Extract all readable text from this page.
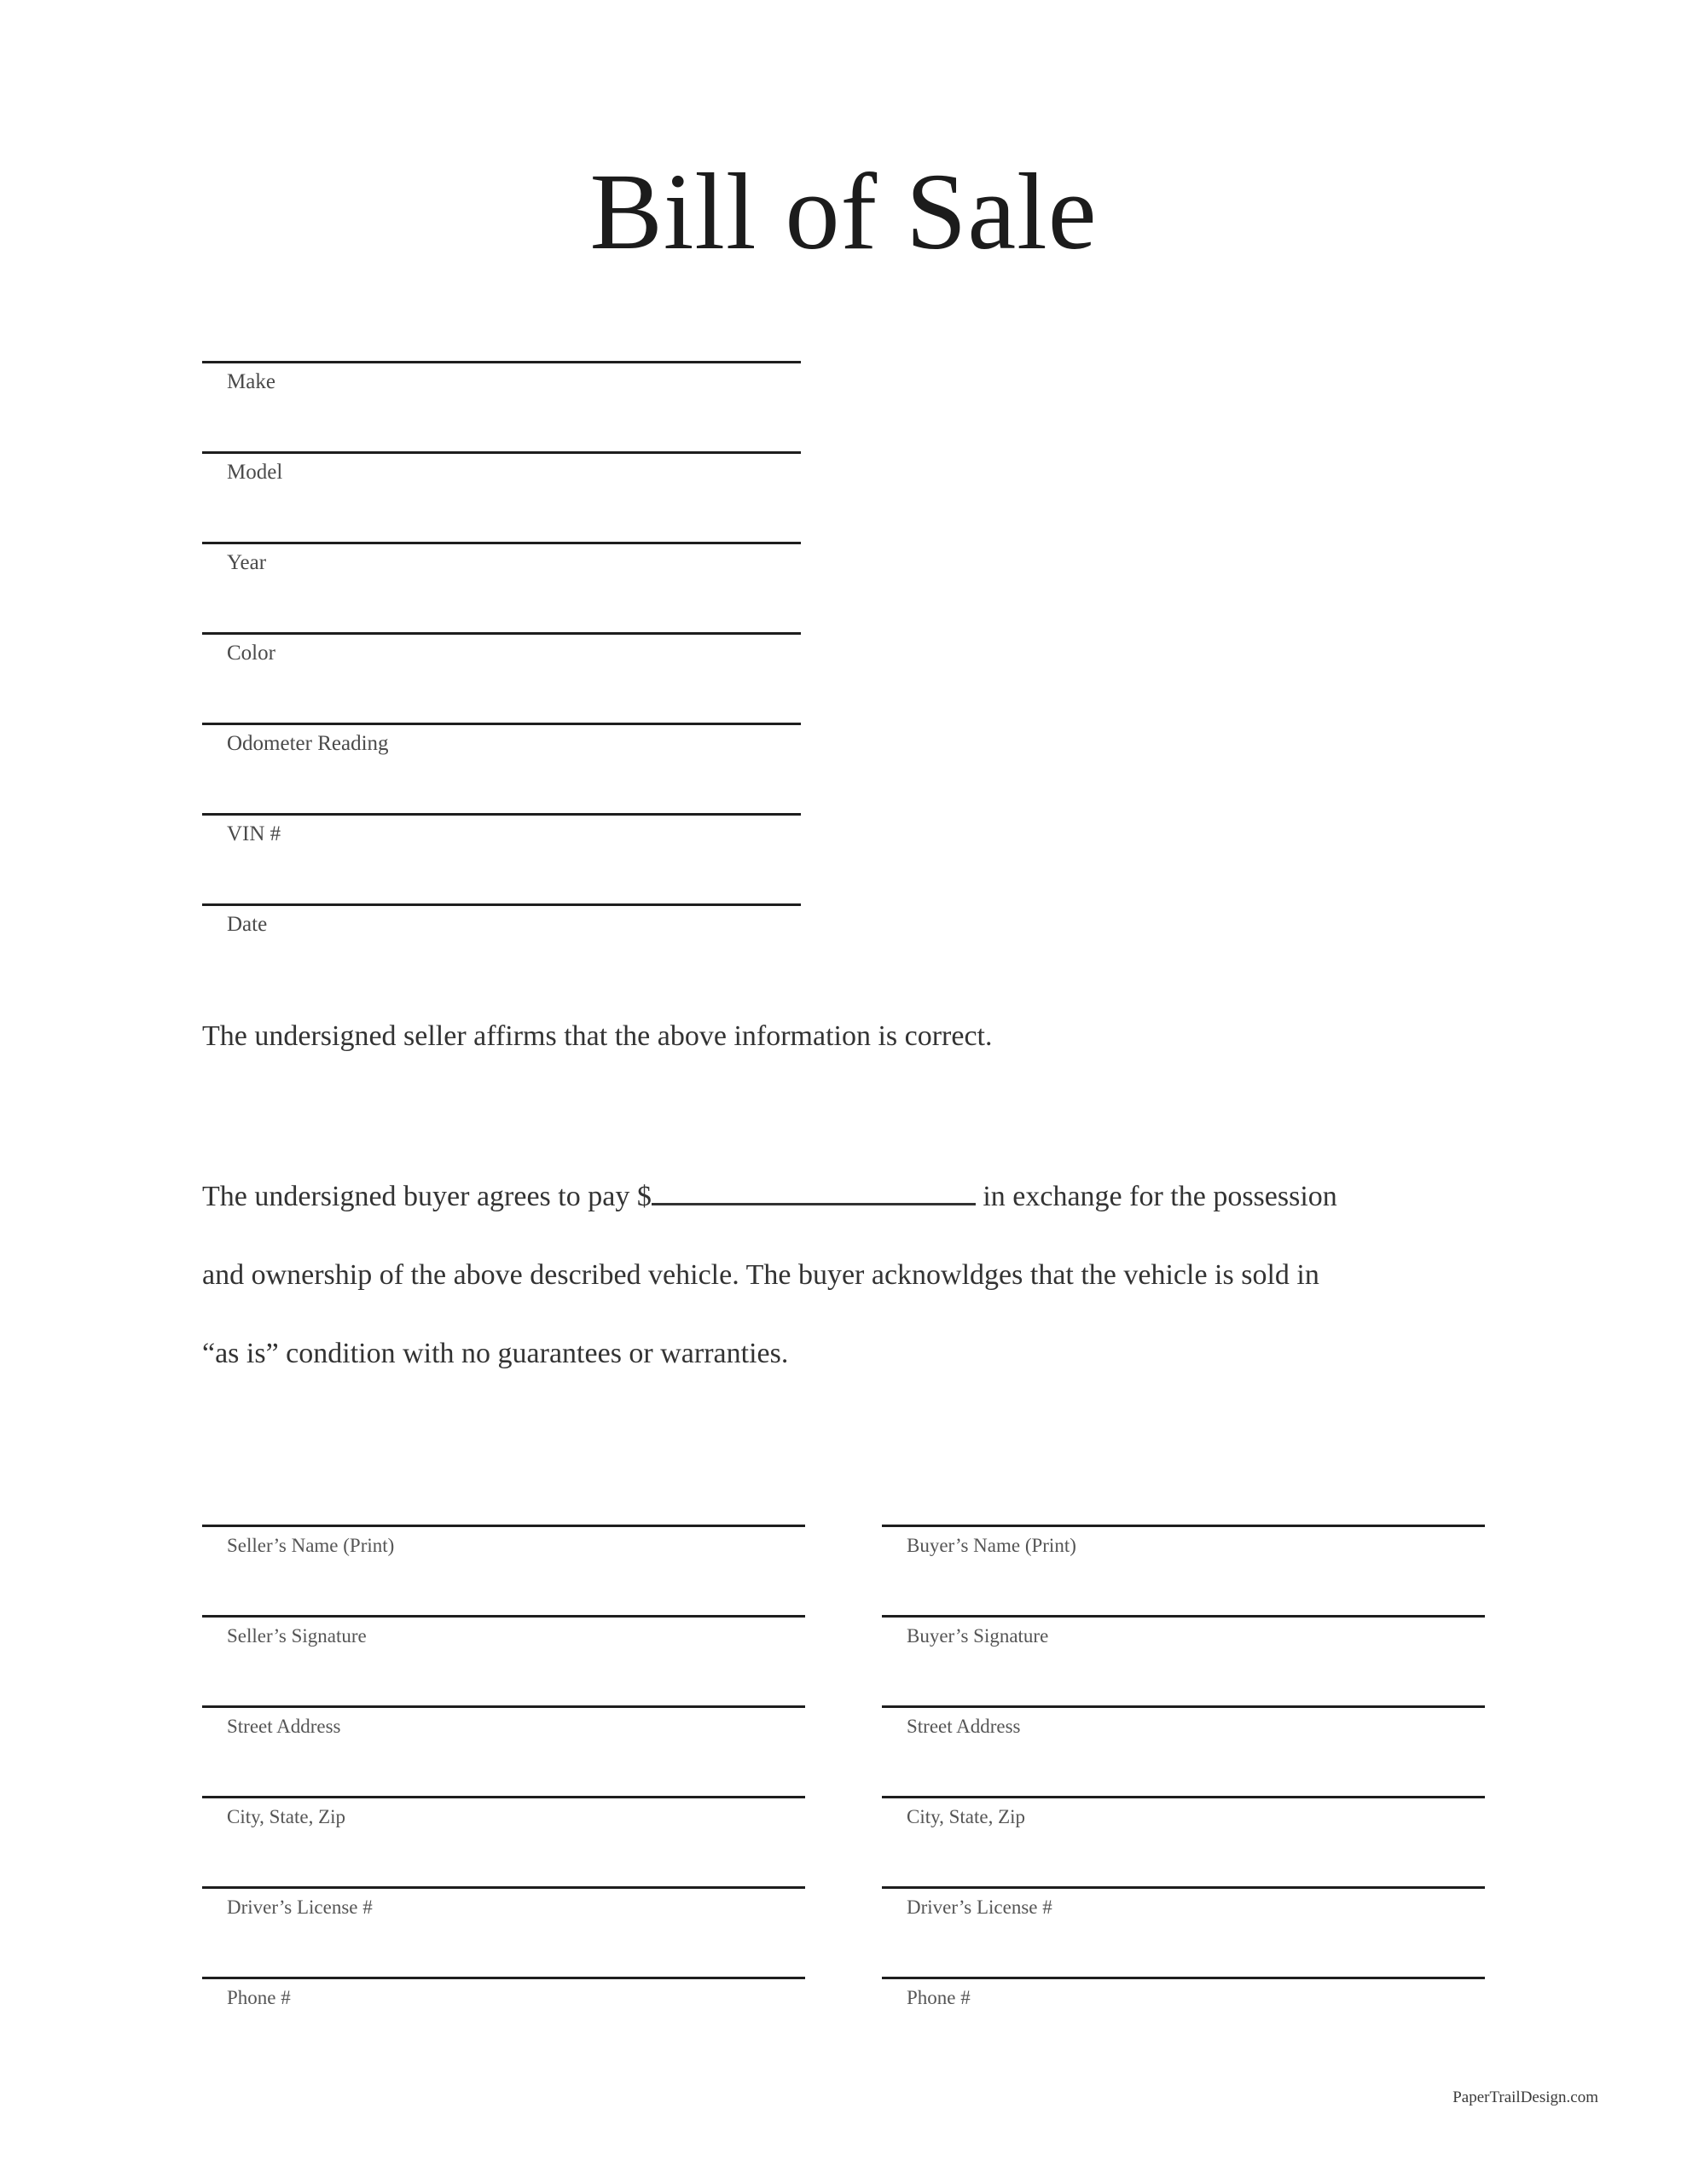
Bill of Sale
Make
Model
Year
Color
Odometer Reading
VIN #
Date

The undersigned seller affirms that the above information is correct.

The undersigned buyer agrees to pay $	in exchange for the possession
and ownership of the above described vehicle. The buyer acknowldges that the vehicle is sold in
“as is” condition with no guarantees or warranties.
Seller’s Name (Print)
Seller’s Signature
Street Address
City, State, Zip
Driver’s License #
Phone #
Buyer’s Name (Print)
Buyer’s Signature
Street Address
City, State, Zip
Driver’s License #
Phone #
PaperTrailDesign.com
